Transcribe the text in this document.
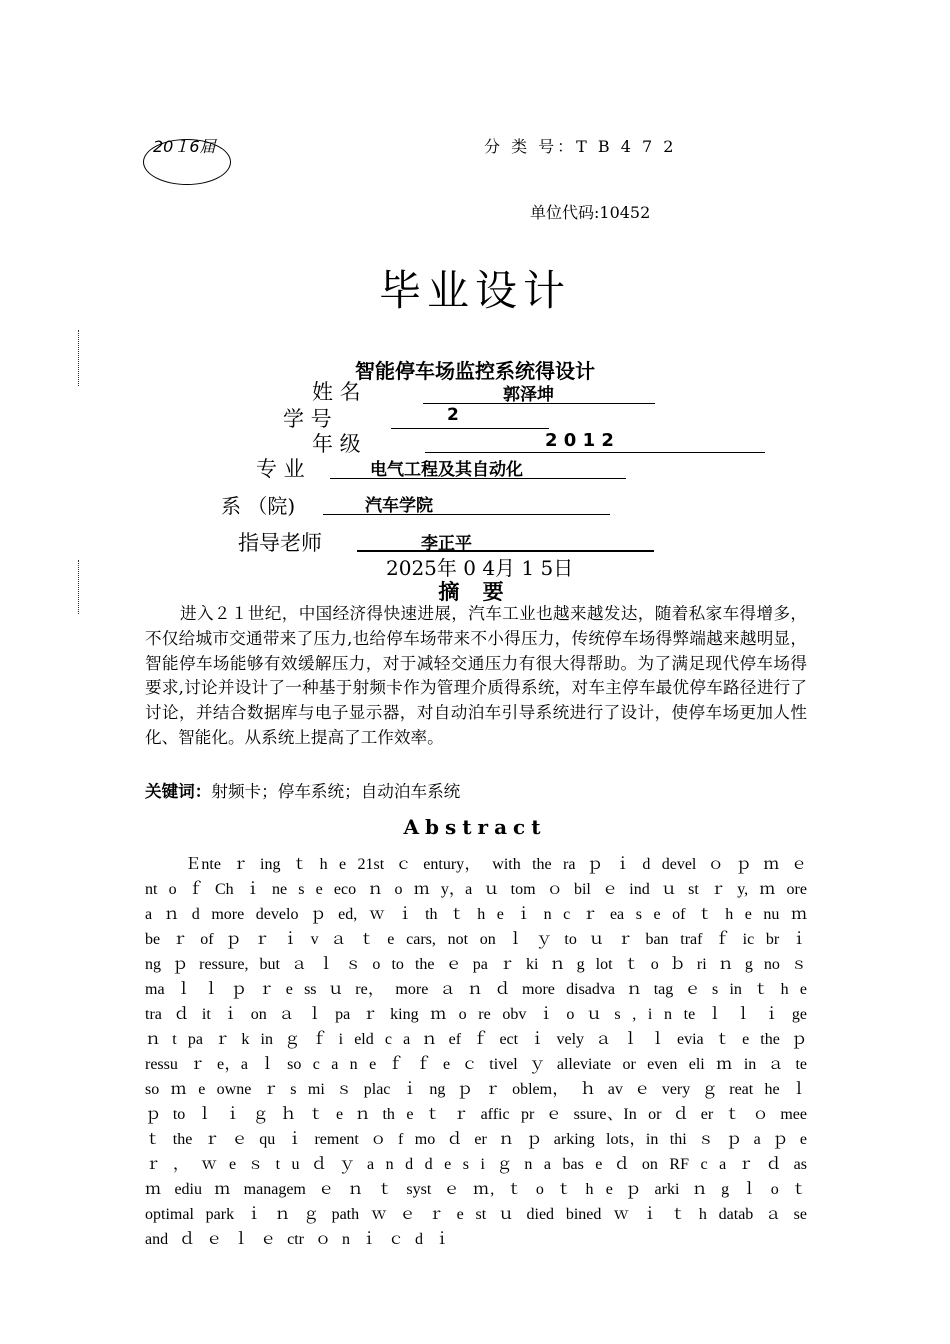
20１6届	分 类 号：T B 4 7 2
单位代码:10452
毕业设计
智能停车场监控系统得设计
姓 名	郭泽坤
学 号	2
年 级	2 0 1 2
专 业	电气工程及其自动化
系 （院)	汽车学院
指导老师	李正平
2025年 0 4月 1 5日
摘 要
进入２１世纪，中国经济得快速进展，汽车工业也越来越发达，随着私家车得增多，不仅给城市交通带来了压力,也给停车场带来不小得压力，传统停车场得弊端越来越明显，智能停车场能够有效缓解压力，对于减轻交通压力有很大得帮助。为了满足现代停车场得要求,讨论并设计了一种基于射频卡作为管理介质得系统，对车主停车最优停车路径进行了讨论，并结合数据库与电子显示器，对自动泊车引导系统进行了设计，使停车场更加人性化、智能化。从系统上提高了工作效率。
关键词：射频卡；停车系统；自动泊车系统
Abstract
Ｅnte ｒ ing ｔ h e 21st ｃ entury， with the ra ｐ ｉ d devel ｏ ｐ ｍ ｅ nt o ｆ Ch ｉ ne s e eco ｎ o ｍ y，a ｕ tom ｏ bil ｅ ind ｕ st ｒ y, ｍ ore a ｎ d more develo ｐ ed, ｗ ｉ th ｔ h e ｉ n c ｒ ea s e of ｔ h e nu ｍ be ｒ of ｐ ｒ ｉ v ａ ｔ e cars, not on ｌ ｙ to ｕ ｒ ban traf ｆ ic br ｉ ng ｐ ressure, but ａ ｌ ｓ o to the ｅ pa ｒ ki ｎ g lot ｔ o ｂ ri ｎ g no ｓ ma ｌ ｌ ｐ ｒ e ss ｕ re， more ａ ｎ ｄ more disadva ｎ tag ｅ s in ｔ h e tra ｄ it ｉ on ａ ｌ pa ｒ king ｍ o re obv ｉ o ｕ s , i n te ｌ ｌ ｉ ge ｎ t pa ｒ k in ｇ ｆ i eld c a ｎ ef ｆ ect ｉ vely ａ ｌ ｌ evia ｔ e the ｐ ressu ｒ e，a ｌ so c a n e ｆ ｆ e ｃ tivel ｙ alleviate or even eli ｍ in ａ te so ｍ e owne ｒ s mi ｓ plac ｉ ng ｐ ｒ oblem， ｈ av ｅ very ｇ reat he ｌ ｐ to ｌ ｉ ｇ ｈ ｔ e ｎ th e ｔ ｒ affic pr ｅ ssure、In or ｄ er ｔ ｏ mee ｔ the ｒ ｅ qu ｉ rement ｏ f mo ｄ er ｎ ｐ arking lots，in thi ｓ ｐ a ｐ e ｒ ， ｗ e ｓ t u ｄ ｙ a n d d e s i ｇ n a bas e ｄ on RF c a ｒ ｄ as ｍ ediu ｍ managem ｅ ｎ ｔ syst ｅ ｍ, ｔ o ｔ h e ｐ arki ｎ g ｌ o ｔ optimal park ｉ ｎ ｇ path ｗ ｅ ｒ e st ｕ died bined ｗ ｉ ｔ h datab ａ se and ｄ ｅ ｌ ｅ ctr ｏ n ｉ ｃ d ｉ
